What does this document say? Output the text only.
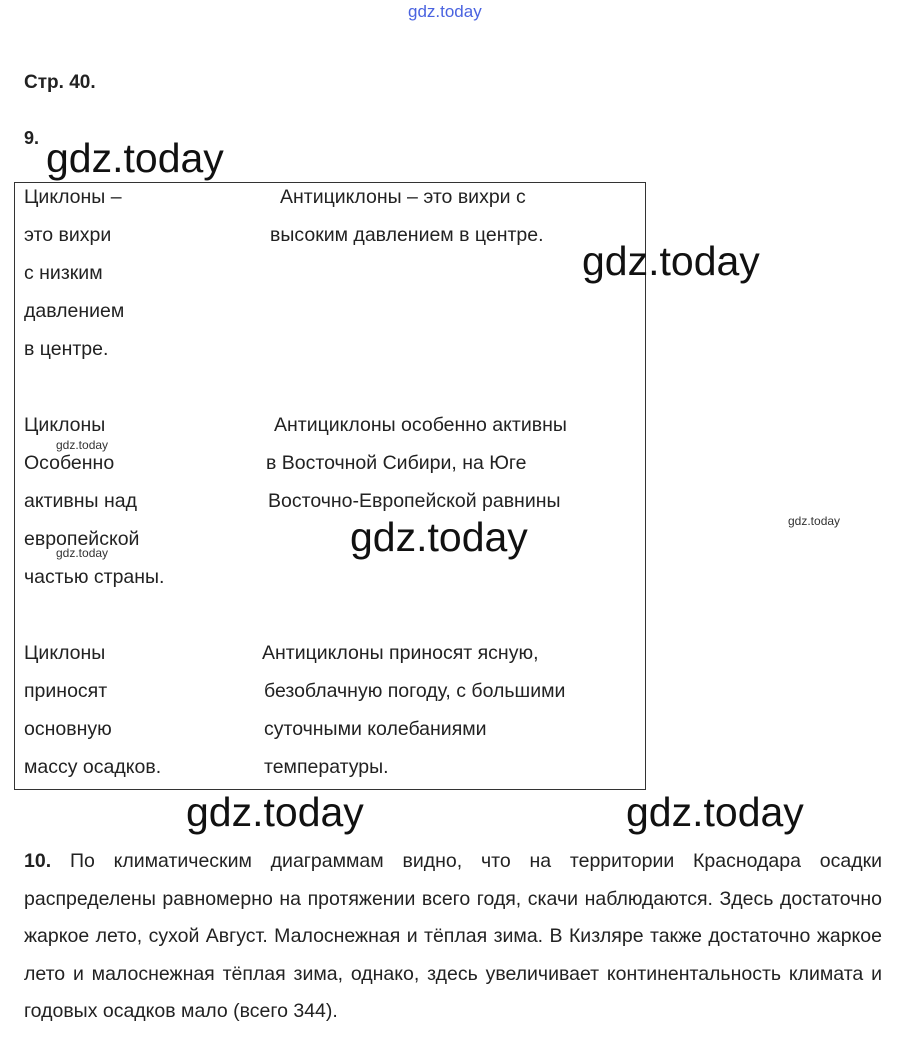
gdz.today
Стр. 40.
9.
Циклоны –
это вихри
с низким
давлением
в центре.
Циклоны
Особенно
активны над
европейской
частью страны.
Циклоны
приносят
основную
массу осадков.
Антициклоны – это вихри с
высоким давлением в центре.
Антициклоны особенно активны
в Восточной Сибири, на Юге
Восточно-Европейской равнины
Антициклоны приносят ясную,
безоблачную погоду, с большими
суточными колебаниями
температуры.

10. По климатическим диаграммам видно, что на территории Краснодара осадки распределены равномерно на протяжении всего годя, скачи наблюдаются. Здесь достаточно жаркое лето, сухой Август. Малоснежная и тёплая зима. В Кизляре также достаточно жаркое лето и малоснежная тёплая зима, однако, здесь увеличивает континентальность климата и годовых осадков мало (всего 344).

gdz.today
gdz.today
gdz.today
gdz.today	gdz.today
gdz.today
gdz.today
gdz.today
